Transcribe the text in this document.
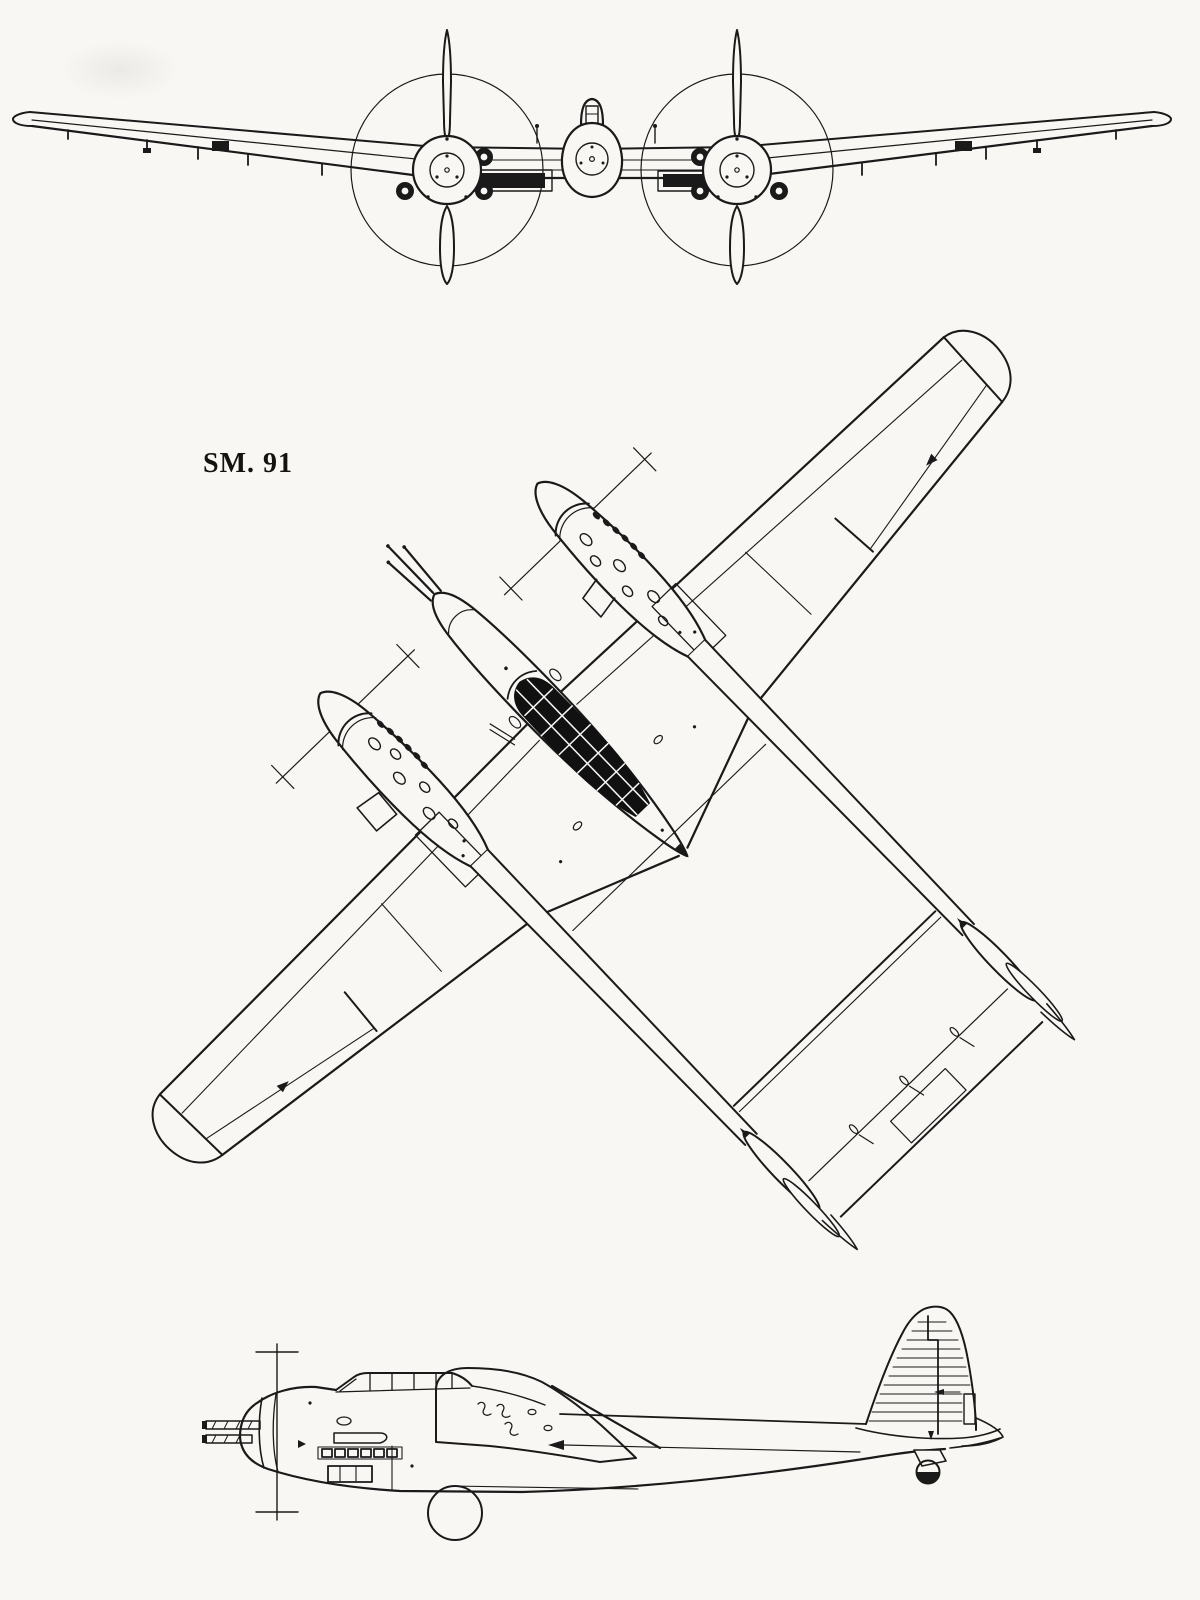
SM. 91
